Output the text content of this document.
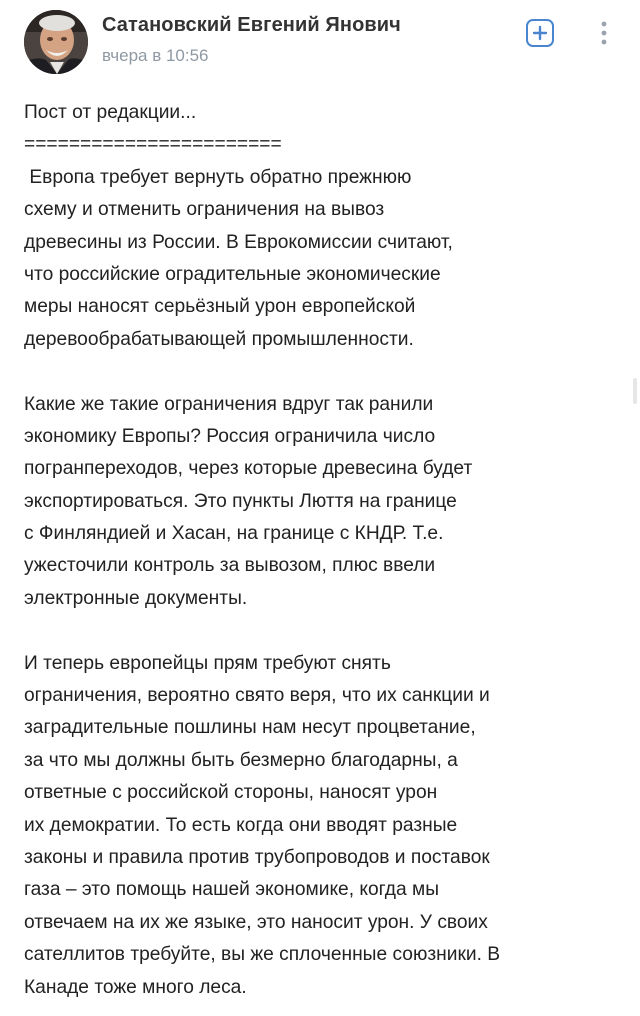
Сатановский Евгений Янович
вчера в 10:56
Пост от редакции...
=======================
Европа требует вернуть обратно прежнюю
схему и отменить ограничения на вывоз
древесины из России. В Еврокомиссии считают,
что российские оградительные экономические
меры наносят серьёзный урон европейской
деревообрабатывающей промышленности.
Какие же такие ограничения вдруг так ранили
экономику Европы? Россия ограничила число
погранпереходов, через которые древесина будет
экспортироваться. Это пункты Люття на границе
с Финляндией и Хасан, на границе с КНДР. Т.е.
ужесточили контроль за вывозом, плюс ввели
электронные документы.
И теперь европейцы прям требуют снять
ограничения, вероятно свято веря, что их санкции и
заградительные пошлины нам несут процветание,
за что мы должны быть безмерно благодарны, а
ответные с российской стороны, наносят урон
их демократии. То есть когда они вводят разные
законы и правила против трубопроводов и поставок
газа – это помощь нашей экономике, когда мы
отвечаем на их же языке, это наносит урон. У своих
сателлитов требуйте, вы же сплоченные союзники. В
Канаде тоже много леса.
